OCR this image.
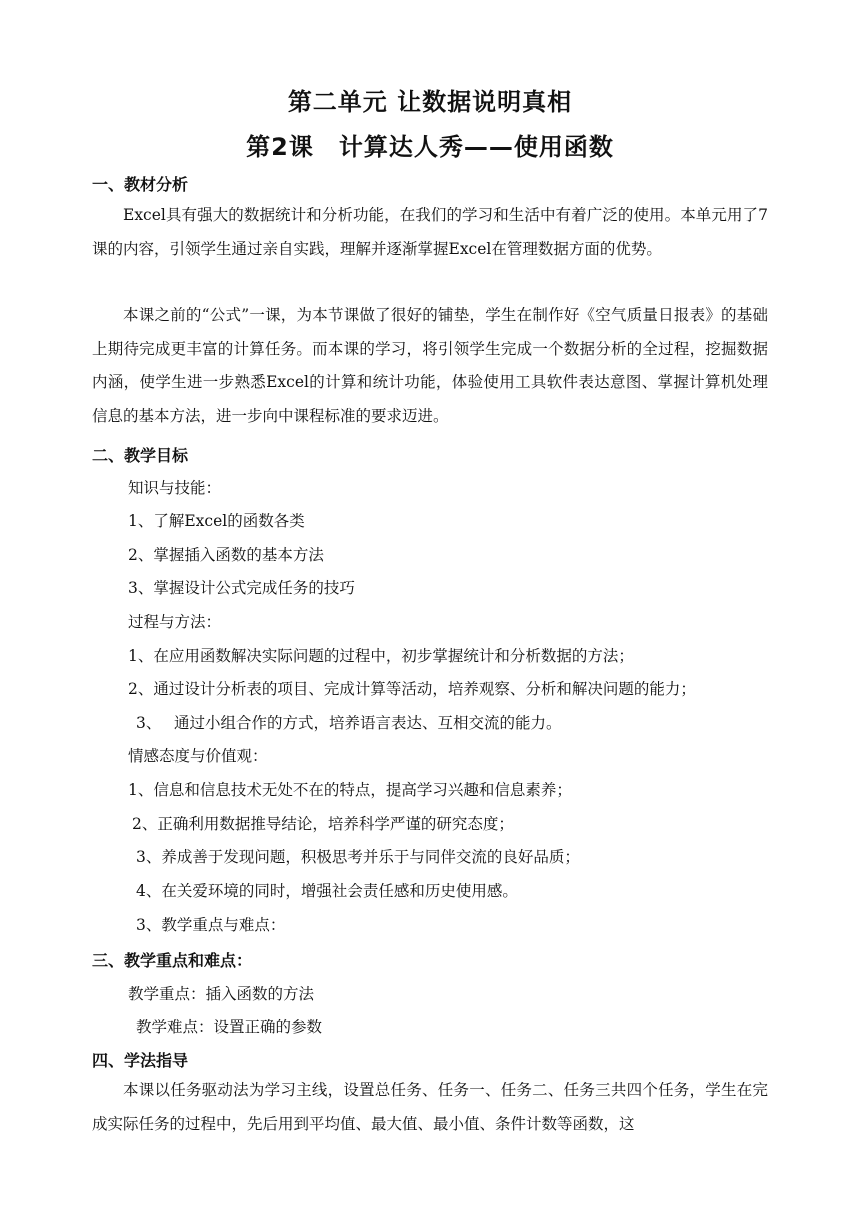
第二单元 让数据说明真相
第2课　计算达人秀——使用函数
一、教材分析

Excel具有强大的数据统计和分析功能，在我们的学习和生活中有着广泛的使用。本单元用了7课的内容，引领学生通过亲自实践，理解并逐渐掌握Excel在管理数据方面的优势。

本课之前的“公式”一课，为本节课做了很好的铺垫，学生在制作好《空气质量日报表》的基础上期待完成更丰富的计算任务。而本课的学习，将引领学生完成一个数据分析的全过程，挖掘数据内涵，使学生进一步熟悉Excel的计算和统计功能，体验使用工具软件表达意图、掌握计算机处理信息的基本方法，进一步向中课程标准的要求迈进。

二、教学目标

知识与技能：

1、了解Excel的函数各类

2、掌握插入函数的基本方法

3、掌握设计公式完成任务的技巧

过程与方法：

1、在应用函数解决实际问题的过程中，初步掌握统计和分析数据的方法；

2、通过设计分析表的项目、完成计算等活动，培养观察、分析和解决问题的能力；

3、　 通过小组合作的方式，培养语言表达、互相交流的能力。

情感态度与价值观：

1、信息和信息技术无处不在的特点，提高学习兴趣和信息素养；

2、正确利用数据推导结论，培养科学严谨的研究态度；

3、养成善于发现问题，积极思考并乐于与同伴交流的良好品质；

4、在关爱环境的同时，增强社会责任感和历史使用感。

3、教学重点与难点：

三、教学重点和难点：

教学重点：插入函数的方法

教学难点：设置正确的参数

四、学法指导

本课以任务驱动法为学习主线，设置总任务、任务一、任务二、任务三共四个任务，学生在完成实际任务的过程中，先后用到平均值、最大值、最小值、条件计数等函数，这
